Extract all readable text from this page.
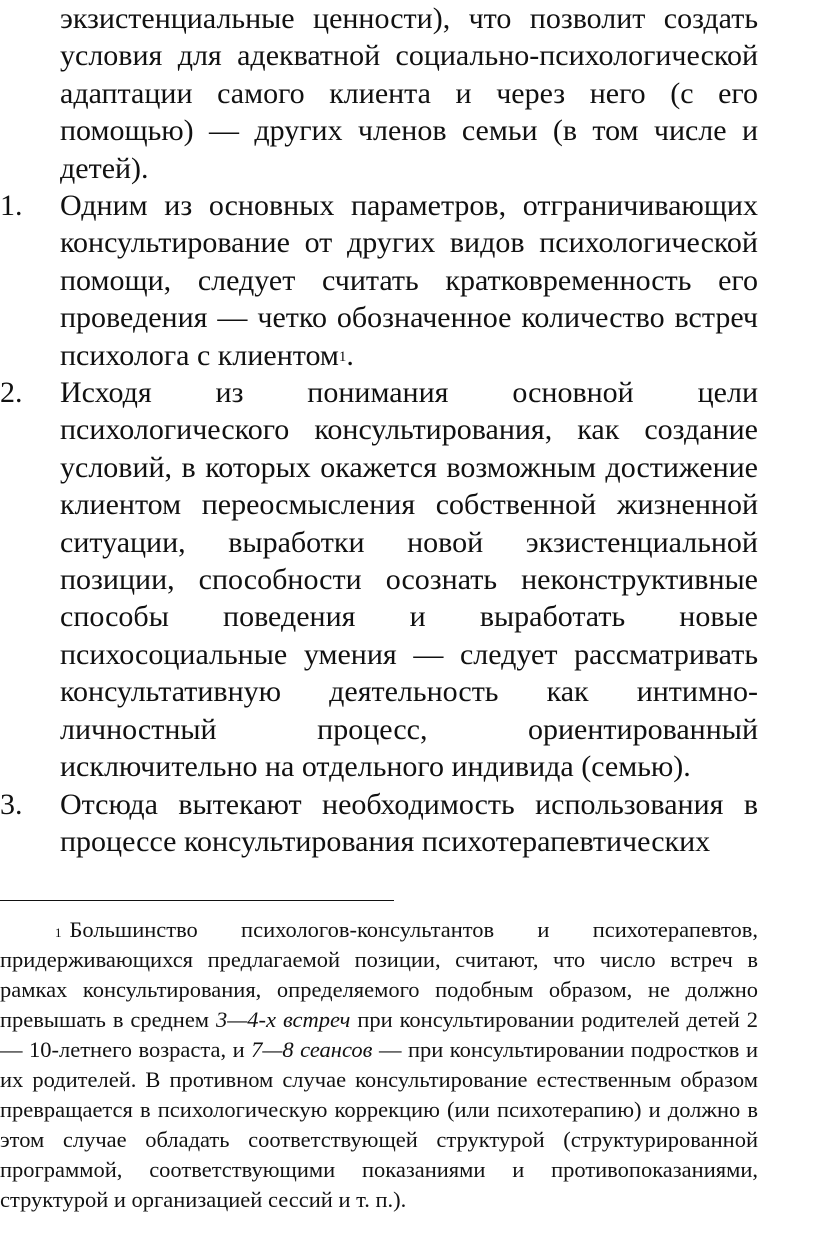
экзистенциальные ценности), что позволит создать условия для адекватной социально-психологической адаптации самого клиента и через него (с его помощью) — других членов семьи (в том числе и детей).
1.	Одним из основных параметров, отграничивающих консультирование от других видов психологической помощи, следует считать кратковременность его проведения — четко обозначенное количество встреч психолога с клиентом$^1$.
2.	Исходя из понимания основной цели психологического консультирования, как создание условий, в которых окажется возможным достижение клиентом переосмысления собственной жизненной ситуации, выработки новой экзистенциальной позиции, способности осознать неконструктивные способы поведения и выработать новые психосоциальные умения — следует рассматривать консультативную деятельность как интимно-личностный процесс, ориентированный исключительно на отдельного индивида (семью).
3.	Отсюда вытекают необходимость использования в процессе консультирования психотерапевтических
$^1$ Большинство психологов-консультантов и психотерапевтов, придерживающихся предлагаемой позиции, считают, что число встреч в рамках консультирования, определяемого подобным образом, не должно превышать в среднем 3—4-х встреч при консультировании родителей детей 2— 10-летнего возраста, и 7—8 сеансов — при консультировании подростков и их родителей. В противном случае консультирование естественным образом превращается в психологическую коррекцию (или психотерапию) и должно в этом случае обладать соответствующей структурой (структурированной программой, соответствующими показаниями и противопоказаниями, структурой и организацией сессий и т. п.).
